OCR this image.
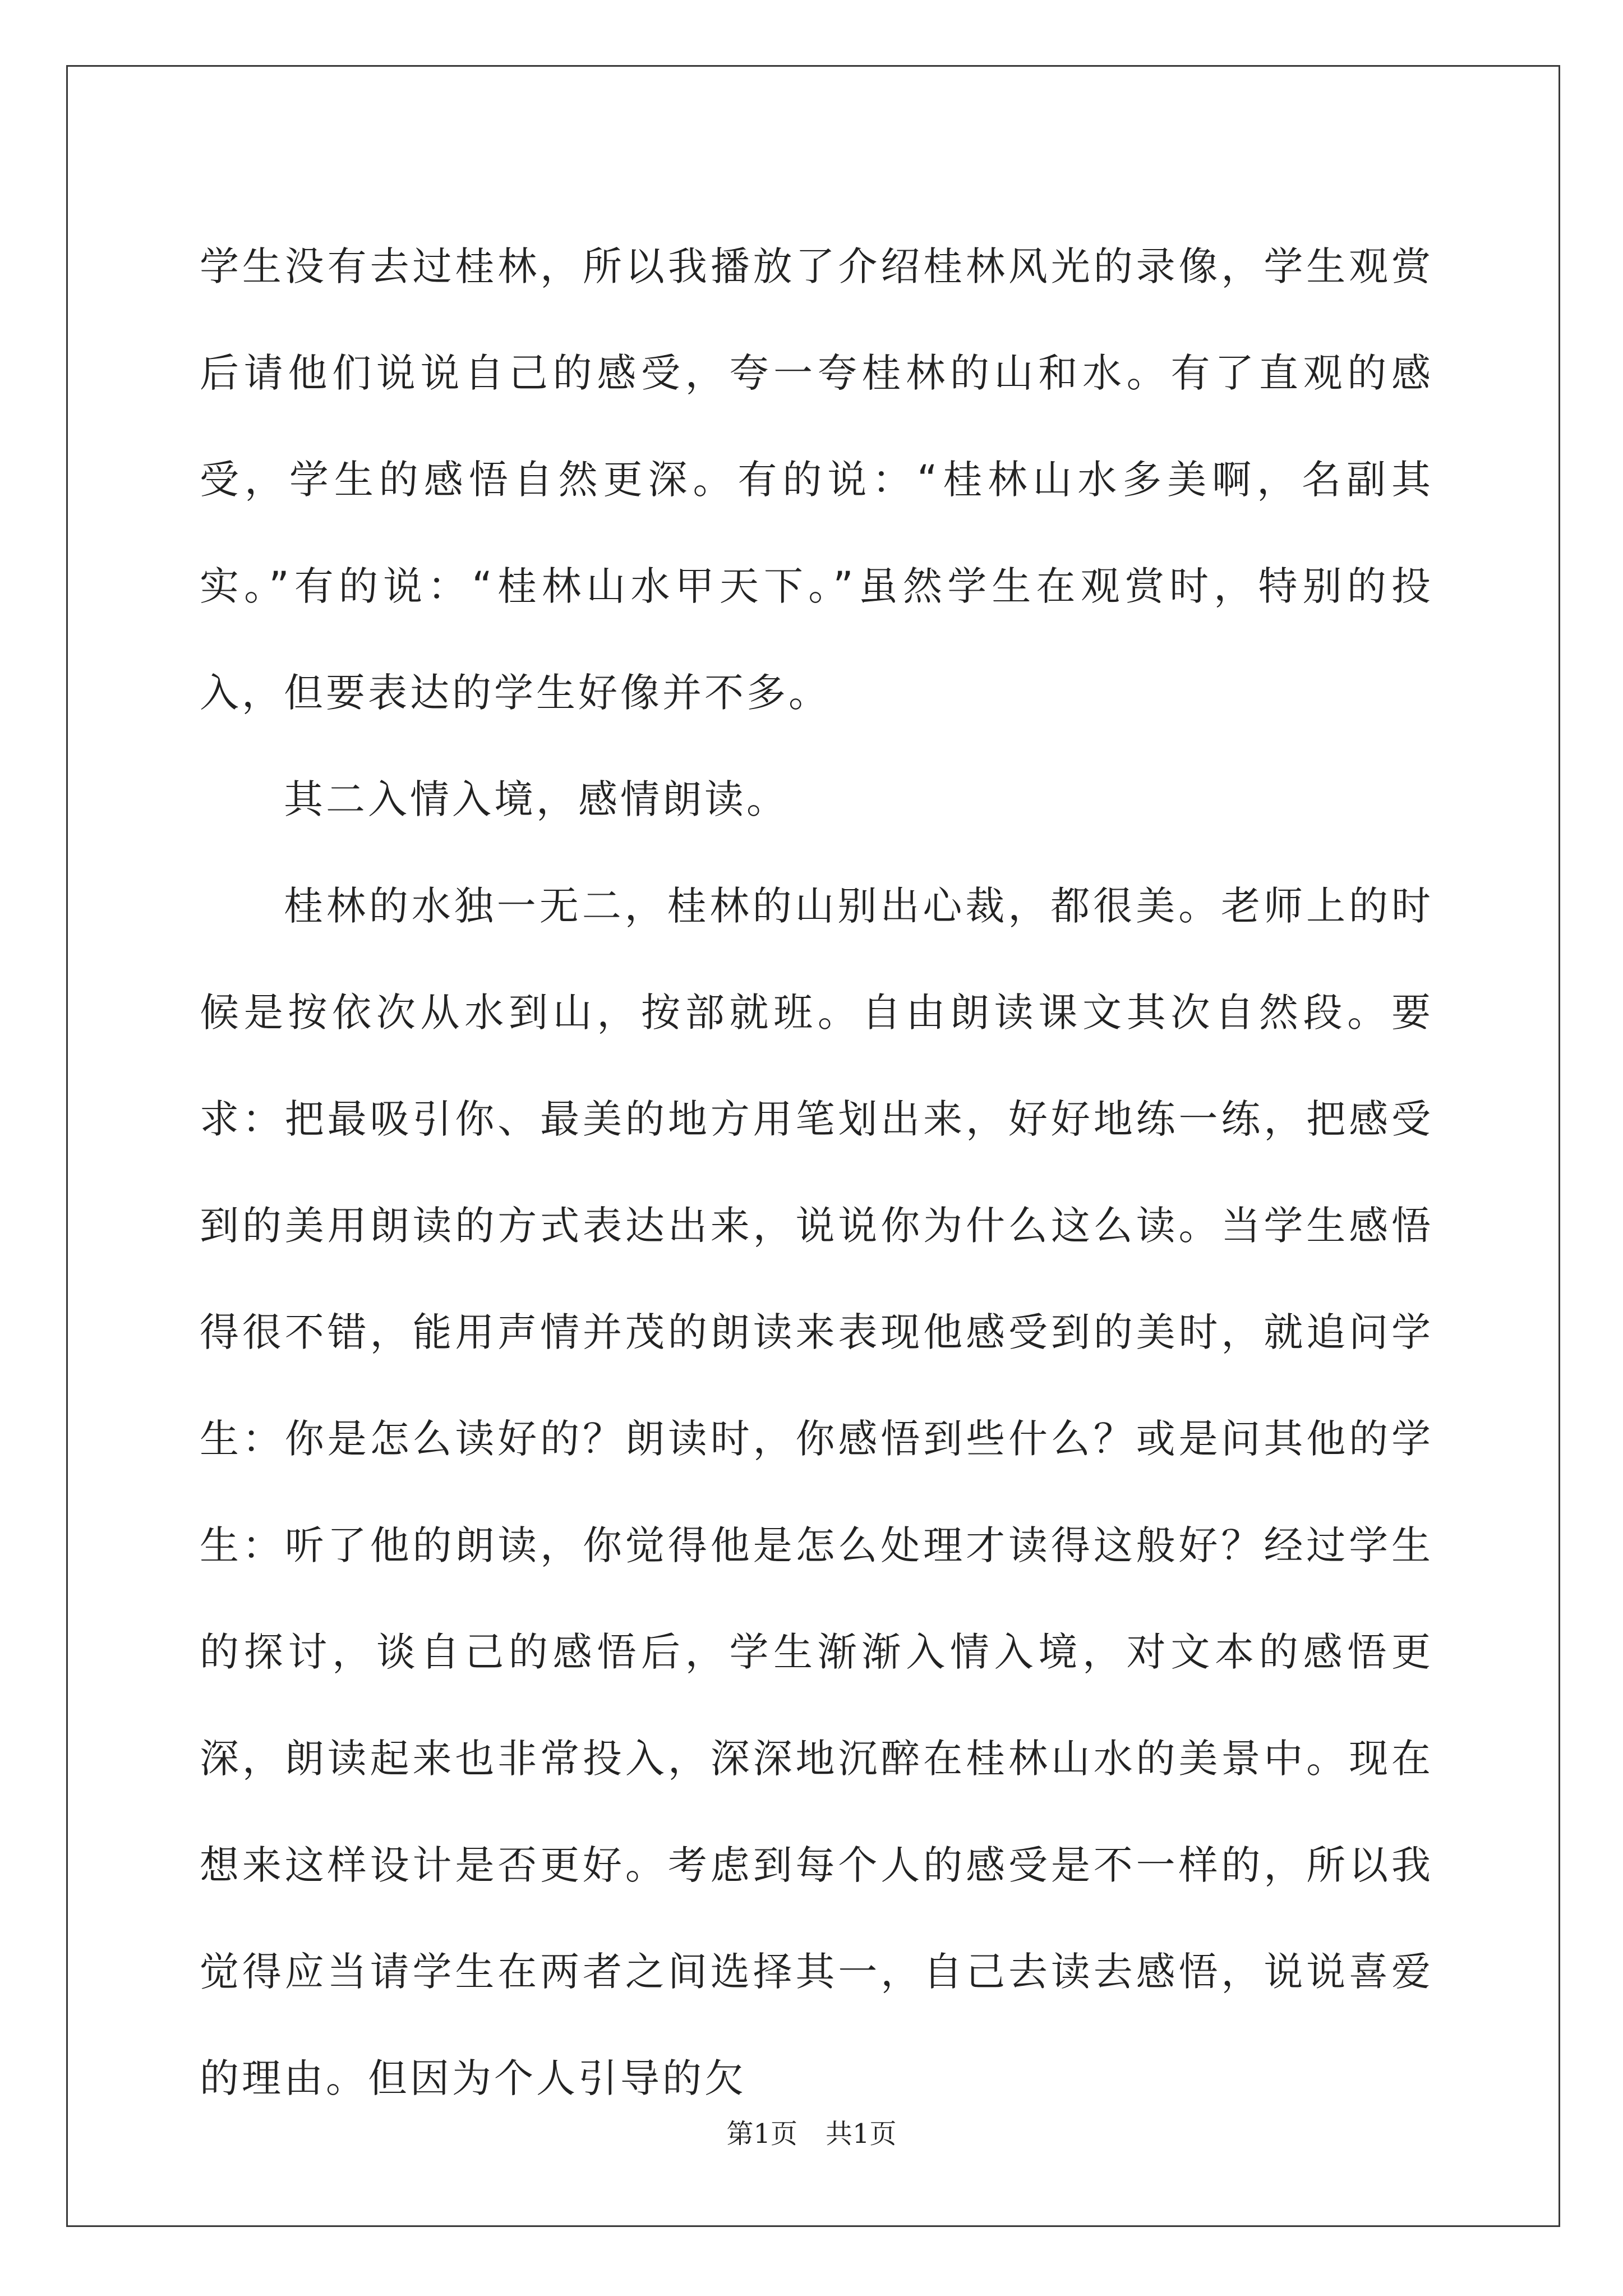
学生没有去过桂林，所以我播放了介绍桂林风光的录像，学生观赏后请他们说说自己的感受，夸一夸桂林的山和水。有了直观的感受，学生的感悟自然更深。有的说：“桂林山水多美啊，名副其实。”有的说：“桂林山水甲天下。”虽然学生在观赏时，特别的投入，但要表达的学生好像并不多。

其二入情入境，感情朗读。

桂林的水独一无二，桂林的山别出心裁，都很美。老师上的时候是按依次从水到山，按部就班。自由朗读课文其次自然段。要求：把最吸引你、最美的地方用笔划出来，好好地练一练，把感受到的美用朗读的方式表达出来，说说你为什么这么读。当学生感悟得很不错，能用声情并茂的朗读来表现他感受到的美时，就追问学生：你是怎么读好的？朗读时，你感悟到些什么？或是问其他的学生：听了他的朗读，你觉得他是怎么处理才读得这般好？经过学生的探讨，谈自己的感悟后，学生渐渐入情入境，对文本的感悟更深，朗读起来也非常投入，深深地沉醉在桂林山水的美景中。现在想来这样设计是否更好。考虑到每个人的感受是不一样的，所以我觉得应当请学生在两者之间选择其一，自己去读去感悟，说说喜爱的理由。但因为个人引导的欠

第1页 共1页
